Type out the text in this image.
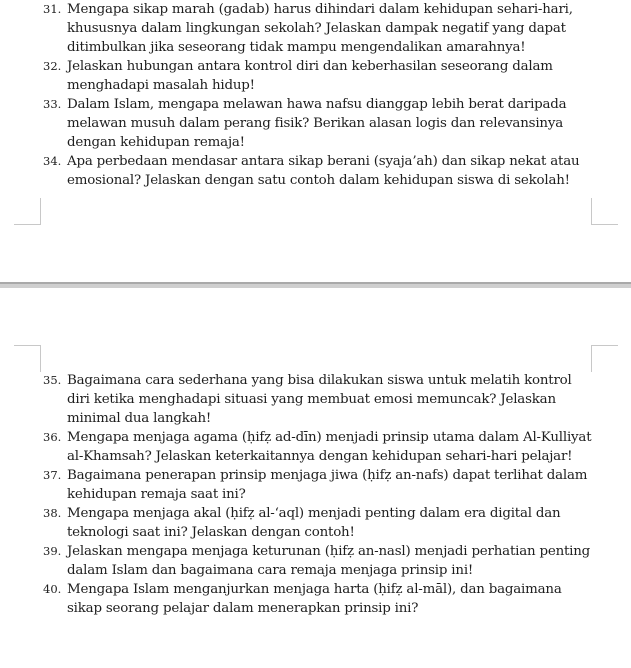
31. Mengapa sikap marah (gadab) harus dihindari dalam kehidupan sehari-hari, khususnya dalam lingkungan sekolah? Jelaskan dampak negatif yang dapat ditimbulkan jika seseorang tidak mampu mengendalikan amarahnya!
32. Jelaskan hubungan antara kontrol diri dan keberhasilan seseorang dalam menghadapi masalah hidup!
33. Dalam Islam, mengapa melawan hawa nafsu dianggap lebih berat daripada melawan musuh dalam perang fisik? Berikan alasan logis dan relevansinya dengan kehidupan remaja!
34. Apa perbedaan mendasar antara sikap berani (syaja’ah) dan sikap nekat atau emosional? Jelaskan dengan satu contoh dalam kehidupan siswa di sekolah!
35. Bagaimana cara sederhana yang bisa dilakukan siswa untuk melatih kontrol diri ketika menghadapi situasi yang membuat emosi memuncak? Jelaskan minimal dua langkah!
36. Mengapa menjaga agama (ḥifẓ ad-dīn) menjadi prinsip utama dalam Al-Kulliyat al-Khamsah? Jelaskan keterkaitannya dengan kehidupan sehari-hari pelajar!
37. Bagaimana penerapan prinsip menjaga jiwa (ḥifẓ an-nafs) dapat terlihat dalam kehidupan remaja saat ini?
38. Mengapa menjaga akal (ḥifẓ al-‘aql) menjadi penting dalam era digital dan teknologi saat ini? Jelaskan dengan contoh!
39. Jelaskan mengapa menjaga keturunan (ḥifẓ an-nasl) menjadi perhatian penting dalam Islam dan bagaimana cara remaja menjaga prinsip ini!
40. Mengapa Islam menganjurkan menjaga harta (ḥifẓ al-māl), dan bagaimana sikap seorang pelajar dalam menerapkan prinsip ini?
